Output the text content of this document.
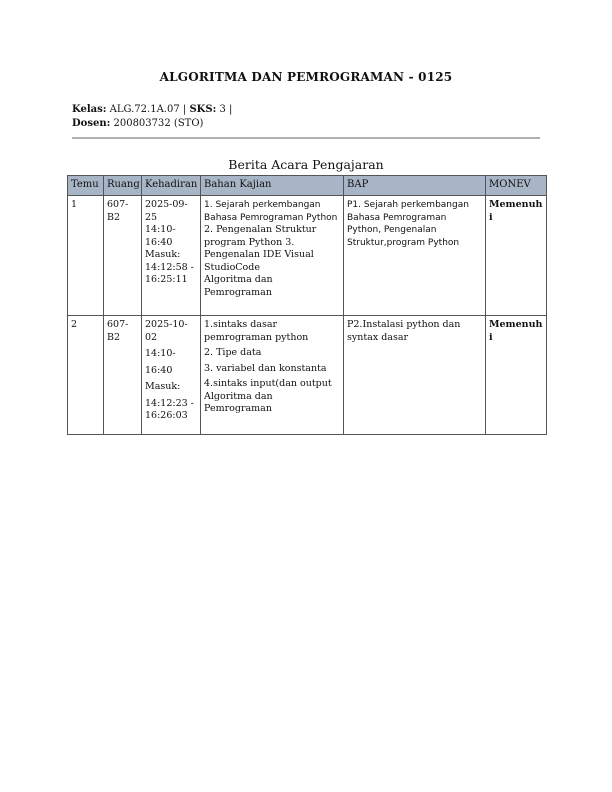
ALGORITMA DAN PEMROGRAMAN - 0125
Kelas: ALG.72.1A.07 | SKS: 3 |
Dosen: 200803732 (STO)
Berita Acara Pengajaran
Temu	Ruang	Kehadiran	Bahan Kajian	BAP	MONEV
1	607-B2	2025-09-25
14:10-16:40
Masuk:
14:12:58 - 16:25:11	1. Sejarah perkembangan Bahasa Pemrograman Python
2. Pengenalan Struktur program Python 3. Pengenalan IDE Visual StudioCode
Algoritma dan Pemrograman	P1. Sejarah perkembangan Bahasa Pemrograman Python, Pengenalan Struktur,program Python	Memenuhi
2	607-B2	2025-10-02
14:10-
16:40
Masuk:
14:12:23 - 16:26:03	1.sintaks dasar pemrograman python
2. Tipe data
3. variabel dan konstanta
4.sintaks input(dan output
Algoritma dan Pemrograman	P2.Instalasi python dan syntax dasar	Memenuhi
